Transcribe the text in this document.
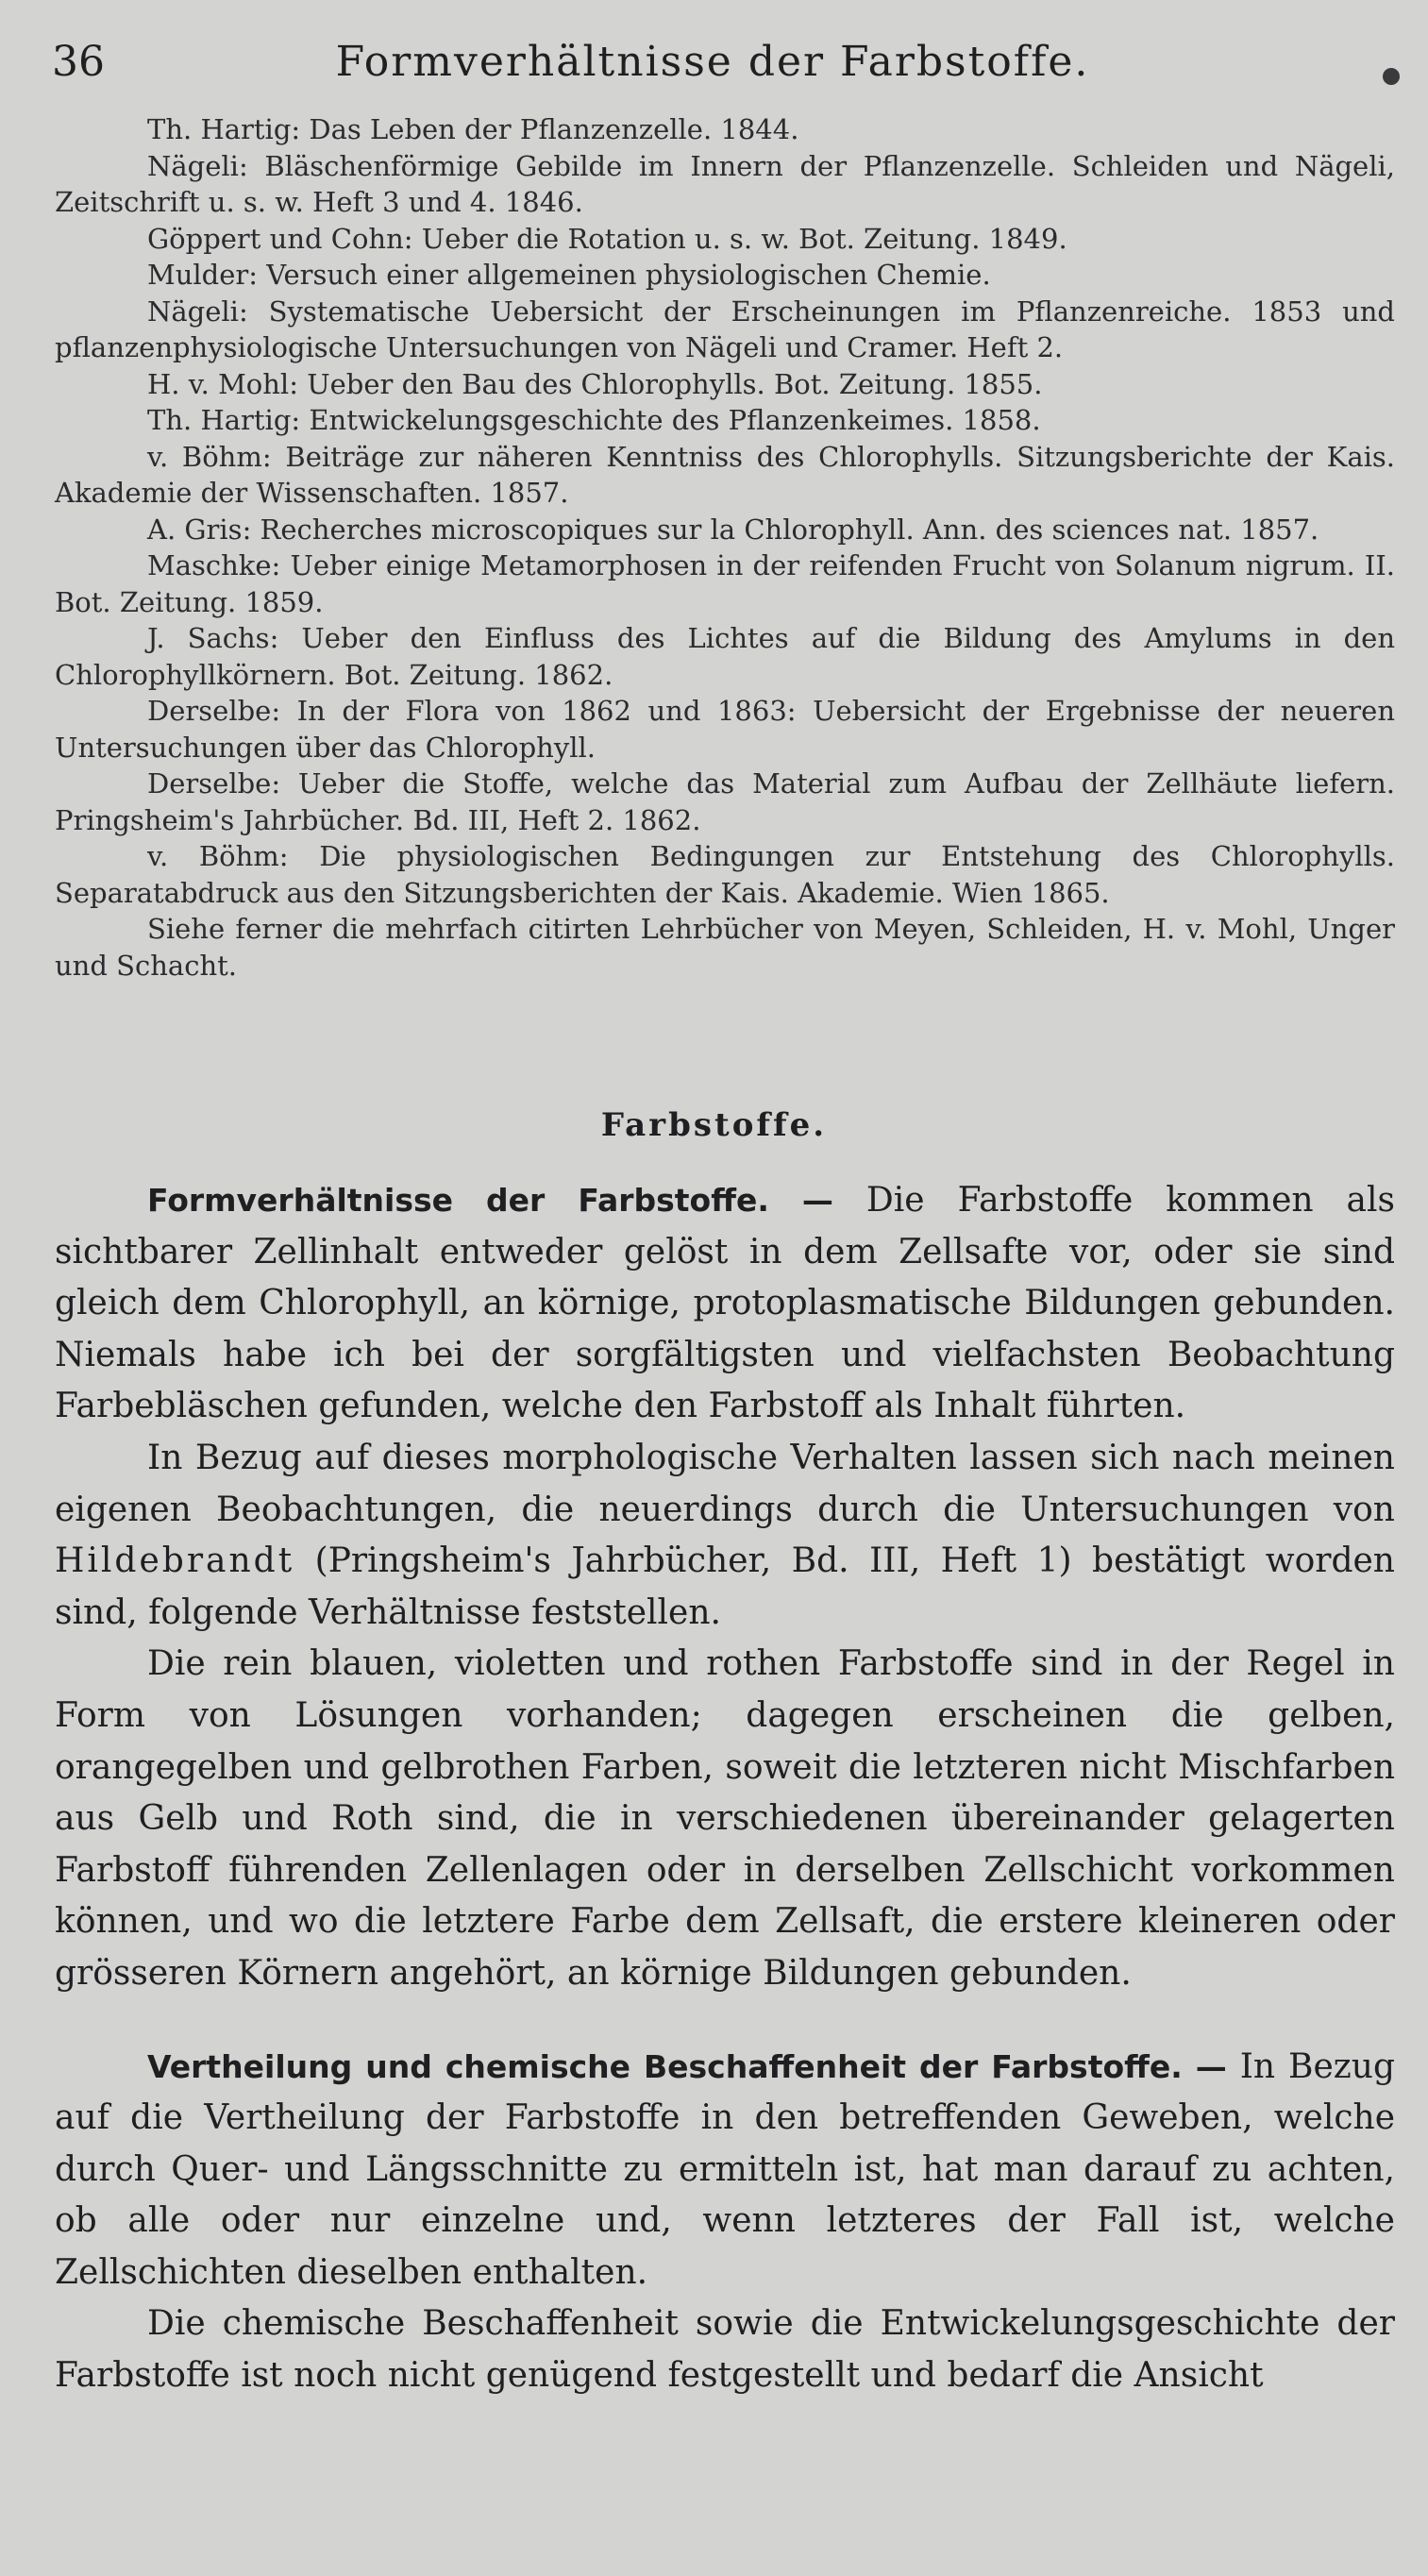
36	Formverhältnisse der Farbstoffe.

Th. Hartig: Das Leben der Pflanzenzelle. 1844.

Nägeli: Bläschenförmige Gebilde im Innern der Pflanzenzelle. Schleiden und Nägeli, Zeitschrift u. s. w. Heft 3 und 4. 1846.

Göppert und Cohn: Ueber die Rotation u. s. w. Bot. Zeitung. 1849.

Mulder: Versuch einer allgemeinen physiologischen Chemie.

Nägeli: Systematische Uebersicht der Erscheinungen im Pflanzenreiche. 1853 und pflanzenphysiologische Untersuchungen von Nägeli und Cramer. Heft 2.

H. v. Mohl: Ueber den Bau des Chlorophylls. Bot. Zeitung. 1855.

Th. Hartig: Entwickelungsgeschichte des Pflanzenkeimes. 1858.

v. Böhm: Beiträge zur näheren Kenntniss des Chlorophylls. Sitzungsberichte der Kais. Akademie der Wissenschaften. 1857.

A. Gris: Recherches microscopiques sur la Chlorophyll. Ann. des sciences nat. 1857.

Maschke: Ueber einige Metamorphosen in der reifenden Frucht von Solanum nigrum. II. Bot. Zeitung. 1859.

J. Sachs: Ueber den Einfluss des Lichtes auf die Bildung des Amylums in den Chlorophyllkörnern. Bot. Zeitung. 1862.

Derselbe: In der Flora von 1862 und 1863: Uebersicht der Ergebnisse der neueren Untersuchungen über das Chlorophyll.

Derselbe: Ueber die Stoffe, welche das Material zum Aufbau der Zellhäute liefern. Pringsheim's Jahrbücher. Bd. III, Heft 2. 1862.

v. Böhm: Die physiologischen Bedingungen zur Entstehung des Chlorophylls. Separatabdruck aus den Sitzungsberichten der Kais. Akademie. Wien 1865.

Siehe ferner die mehrfach citirten Lehrbücher von Meyen, Schleiden, H. v. Mohl, Unger und Schacht.

Farbstoffe.

Formverhältnisse der Farbstoffe. — Die Farbstoffe kommen als sichtbarer Zellinhalt entweder gelöst in dem Zellsafte vor, oder sie sind gleich dem Chlorophyll, an körnige, protoplasmatische Bildungen gebunden. Niemals habe ich bei der sorgfältigsten und vielfachsten Beobachtung Farbebläschen gefunden, welche den Farbstoff als Inhalt führten.

In Bezug auf dieses morphologische Verhalten lassen sich nach meinen eigenen Beobachtungen, die neuerdings durch die Untersuchungen von Hildebrandt (Pringsheim's Jahrbücher, Bd. III, Heft 1) bestätigt worden sind, folgende Verhältnisse feststellen.

Die rein blauen, violetten und rothen Farbstoffe sind in der Regel in Form von Lösungen vorhanden; dagegen erscheinen die gelben, orangegelben und gelbrothen Farben, soweit die letzteren nicht Mischfarben aus Gelb und Roth sind, die in verschiedenen übereinander gelagerten Farbstoff führenden Zellenlagen oder in derselben Zellschicht vorkommen können, und wo die letztere Farbe dem Zellsaft, die erstere kleineren oder grösseren Körnern angehört, an körnige Bildungen gebunden.

Vertheilung und chemische Beschaffenheit der Farbstoffe. — In Bezug auf die Vertheilung der Farbstoffe in den betreffenden Geweben, welche durch Quer- und Längsschnitte zu ermitteln ist, hat man darauf zu achten, ob alle oder nur einzelne und, wenn letzteres der Fall ist, welche Zellschichten dieselben enthalten.

Die chemische Beschaffenheit sowie die Entwickelungsgeschichte der Farbstoffe ist noch nicht genügend festgestellt und bedarf die Ansicht
